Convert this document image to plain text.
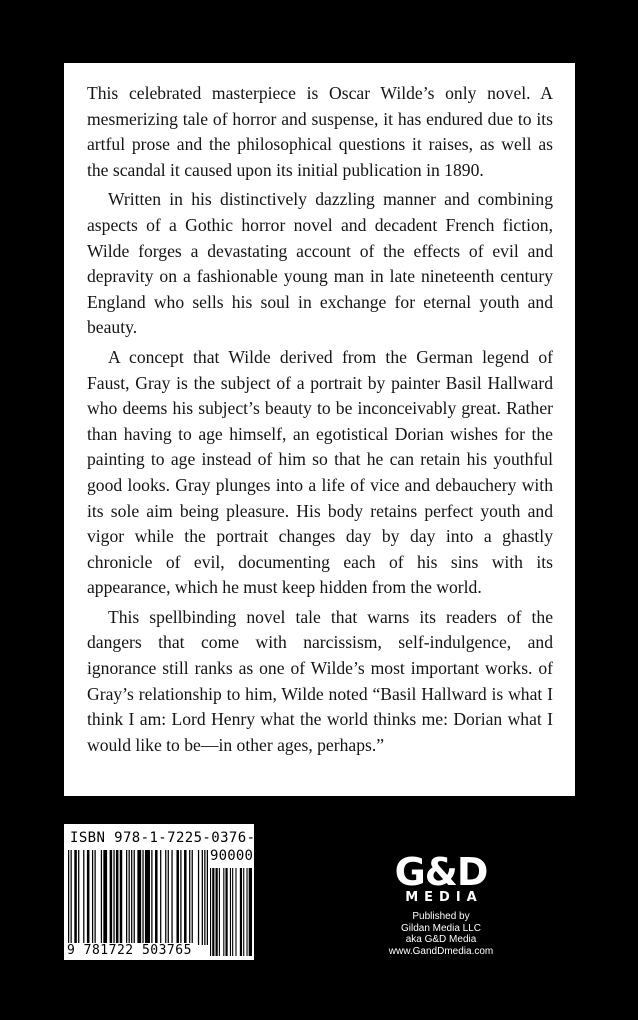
This celebrated masterpiece is Oscar Wilde’s only novel. A mesmerizing tale of horror and suspense, it has endured due to its artful prose and the philosophical questions it raises, as well as the scandal it caused upon its initial publication in 1890.

Written in his distinctively dazzling manner and combining aspects of a Gothic horror novel and decadent French fiction, Wilde forges a devastating account of the effects of evil and depravity on a fashionable young man in late nineteenth century England who sells his soul in exchange for eternal youth and beauty.

A concept that Wilde derived from the German legend of Faust, Gray is the subject of a portrait by painter Basil Hallward who deems his subject’s beauty to be inconceivably great. Rather than having to age himself, an egotistical Dorian wishes for the painting to age instead of him so that he can retain his youthful good looks. Gray plunges into a life of vice and debauchery with its sole aim being pleasure. His body retains perfect youth and vigor while the portrait changes day by day into a ghastly chronicle of evil, documenting each of his sins with its appearance, which he must keep hidden from the world.

This spellbinding novel tale that warns its readers of the dangers that come with narcissism, self-indulgence, and ignorance still ranks as one of Wilde’s most important works. of Gray’s relationship to him, Wilde noted “Basil Hallward is what I think I am: Lord Henry what the world thinks me: Dorian what I would like to be—in other ages, perhaps.”

ISBN 978-1-7225-0376-5
90000
9 781722 503765
G&D
MEDIA
Published by
Gildan Media LLC
aka G&D Media
www.GandDmedia.com
